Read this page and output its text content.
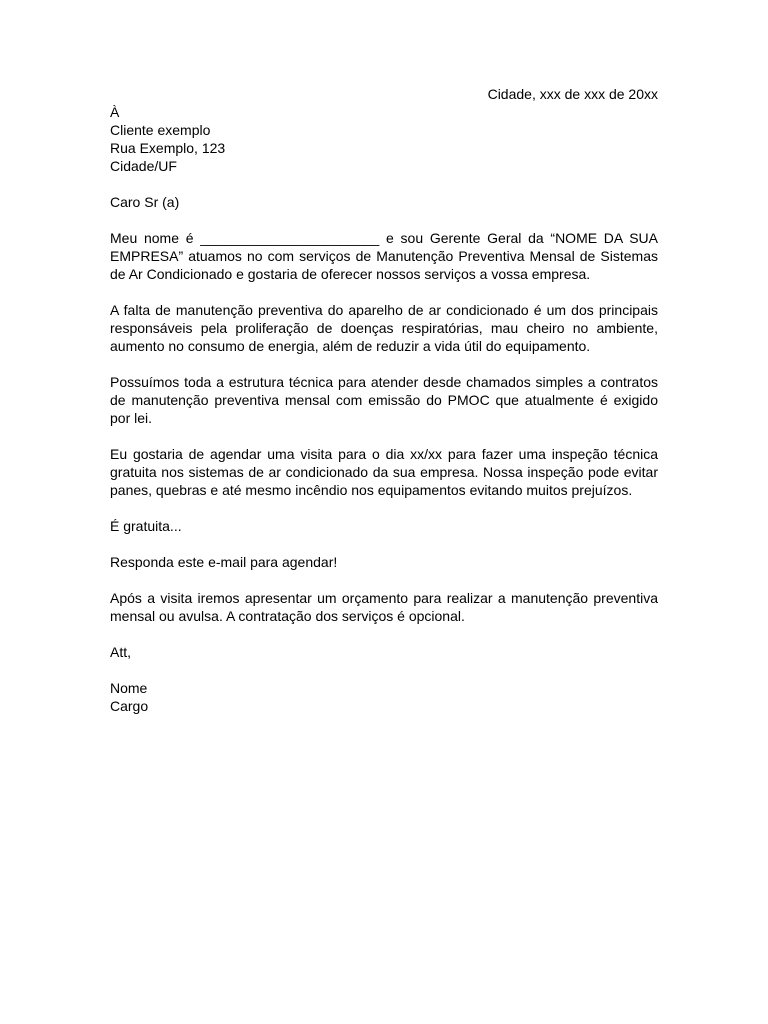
Cidade, xxx de xxx de 20xx

À

Cliente exemplo

Rua Exemplo, 123

Cidade/UF

Caro Sr (a)

Meu nome é _______________________ e sou Gerente Geral da “NOME DA SUA EMPRESA” atuamos no com serviços de Manutenção Preventiva Mensal de Sistemas de Ar Condicionado e gostaria de oferecer nossos serviços a vossa empresa.

A falta de manutenção preventiva do aparelho de ar condicionado é um dos principais responsáveis pela proliferação de doenças respiratórias, mau cheiro no ambiente, aumento no consumo de energia, além de reduzir a vida útil do equipamento.

Possuímos toda a estrutura técnica para atender desde chamados simples a contratos de manutenção preventiva mensal com emissão do PMOC que atualmente é exigido por lei.

Eu gostaria de agendar uma visita para o dia xx/xx para fazer uma inspeção técnica gratuita nos sistemas de ar condicionado da sua empresa. Nossa inspeção pode evitar panes, quebras e até mesmo incêndio nos equipamentos evitando muitos prejuízos.

É gratuita...

Responda este e-mail para agendar!

Após a visita iremos apresentar um orçamento para realizar a manutenção preventiva mensal ou avulsa. A contratação dos serviços é opcional.

Att,

Nome

Cargo
